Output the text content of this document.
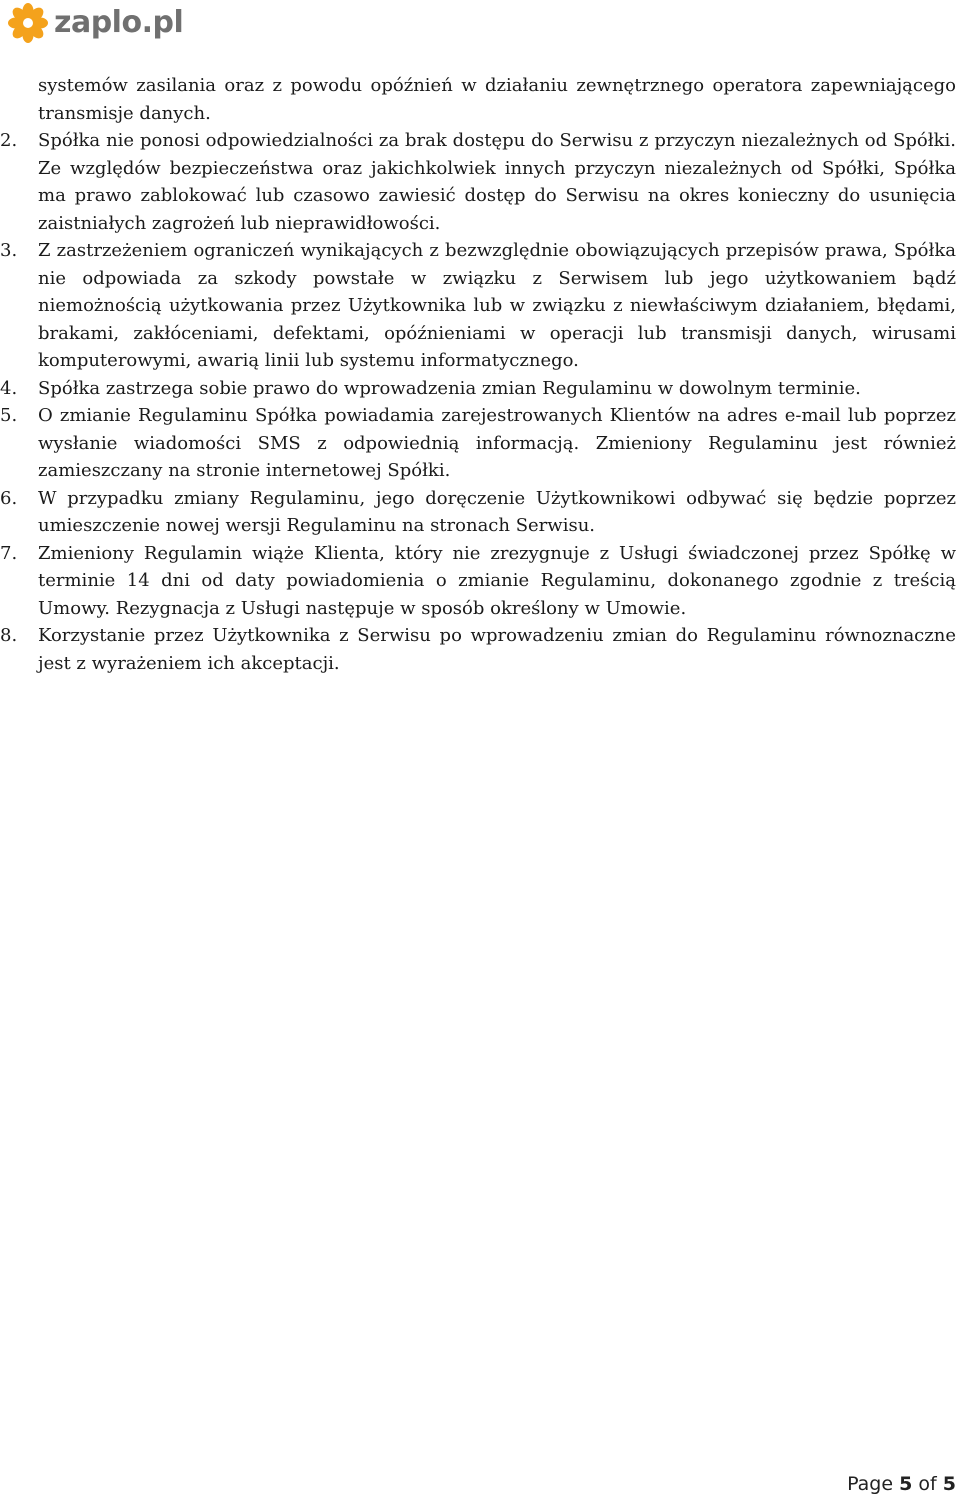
zaplo.pl

systemów zasilania oraz z powodu opóźnień w działaniu zewnętrznego operatora zapewniającego transmisje danych.

2. Spółka nie ponosi odpowiedzialności za brak dostępu do Serwisu z przyczyn niezależnych od Spółki. Ze względów bezpieczeństwa oraz jakichkolwiek innych przyczyn niezależnych od Spółki, Spółka ma prawo zablokować lub czasowo zawiesić dostęp do Serwisu na okres konieczny do usunięcia zaistniałych zagrożeń lub nieprawidłowości.

3. Z zastrzeżeniem ograniczeń wynikających z bezwzględnie obowiązujących przepisów prawa, Spółka nie odpowiada za szkody powstałe w związku z Serwisem lub jego użytkowaniem bądź niemożnością użytkowania przez Użytkownika lub w związku z niewłaściwym działaniem, błędami, brakami, zakłóceniami, defektami, opóźnieniami w operacji lub transmisji danych, wirusami komputerowymi, awarią linii lub systemu informatycznego.

4. Spółka zastrzega sobie prawo do wprowadzenia zmian Regulaminu w dowolnym terminie.

5. O zmianie Regulaminu Spółka powiadamia zarejestrowanych Klientów na adres e-mail lub poprzez wysłanie wiadomości SMS z odpowiednią informacją. Zmieniony Regulaminu jest również zamieszczany na stronie internetowej Spółki.

6. W przypadku zmiany Regulaminu, jego doręczenie Użytkownikowi odbywać się będzie poprzez umieszczenie nowej wersji Regulaminu na stronach Serwisu.

7. Zmieniony Regulamin wiąże Klienta, który nie zrezygnuje z Usługi świadczonej przez Spółkę w terminie 14 dni od daty powiadomienia o zmianie Regulaminu, dokonanego zgodnie z treścią Umowy. Rezygnacja z Usługi następuje w sposób określony w Umowie.

8. Korzystanie przez Użytkownika z Serwisu po wprowadzeniu zmian do Regulaminu równoznaczne jest z wyrażeniem ich akceptacji.

Page 5 of 5
